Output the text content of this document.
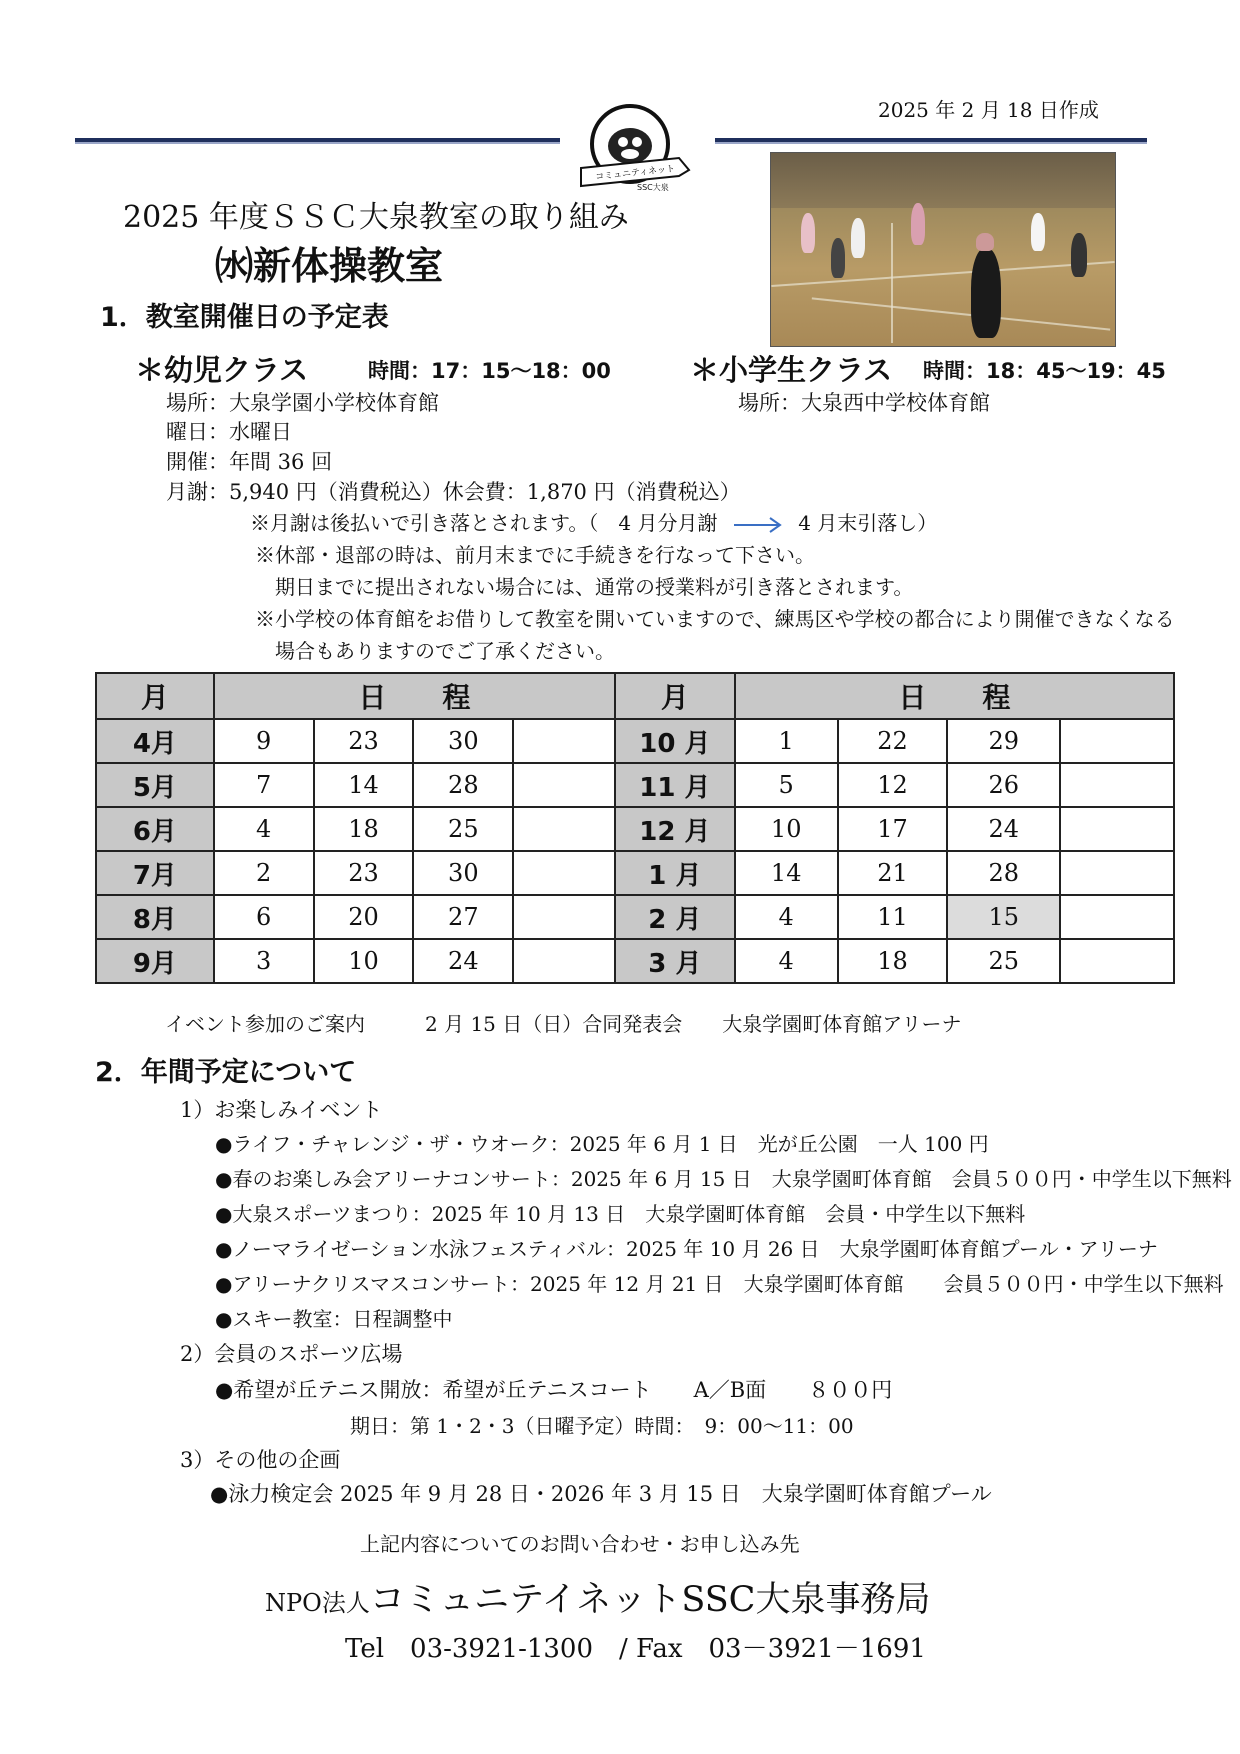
2025 年 2 月 18 日作成
コミュニティネット
SSC大泉
2025 年度ＳＳＣ大泉教室の取り組み
㈬新体操教室
1．教室開催日の予定表
＊幼児クラス	時間：17：15～18：00	＊小学生クラス 時間：18：45～19：45
場所：大泉学園小学校体育館	場所：大泉西中学校体育館
曜日：水曜日
開催：年間 36 回
月謝：5,940 円（消費税込）休会費：1,870 円（消費税込）
※月謝は後払いで引き落とされます。（　4 月分月謝	4 月末引落し）
※休部・退部の時は、前月末までに手続きを行なって下さい。
期日までに提出されない場合には、通常の授業料が引き落とされます。
※小学校の体育館をお借りして教室を開いていますので、練馬区や学校の都合により開催できなくなる
場合もありますのでご了承ください。
月	日　　程				月	日　　程			
4月	9	23	30		10 月	1	22	29	
5月	7	14	28		11 月	5	12	26	
6月	4	18	25		12 月	10	17	24	
7月	2	23	30		1 月	14	21	28	
8月	6	20	27		2 月	4	11	15	
9月	3	10	24		3 月	4	18	25	
イベント参加のご案内　　　2 月 15 日（日）合同発表会　　大泉学園町体育館アリーナ
2．年間予定について
1）お楽しみイベント
●ライフ・チャレンジ・ザ・ウオーク：2025 年 6 月 1 日　光が丘公園　一人 100 円
●春のお楽しみ会アリーナコンサート：2025 年 6 月 15 日　大泉学園町体育館　会員５００円・中学生以下無料
●大泉スポーツまつり：2025 年 10 月 13 日　大泉学園町体育館　会員・中学生以下無料
●ノーマライゼーション水泳フェスティバル：2025 年 10 月 26 日　大泉学園町体育館プール・アリーナ
●アリーナクリスマスコンサート：2025 年 12 月 21 日　大泉学園町体育館　　会員５００円・中学生以下無料
●スキー教室：日程調整中
2）会員のスポーツ広場
●希望が丘テニス開放：希望が丘テニスコート　　A／B面　　８００円
期日：第 1・2・3（日曜予定）時間：　9：00～11：00
3）その他の企画
●泳力検定会 2025 年 9 月 28 日・2026 年 3 月 15 日　大泉学園町体育館プール
上記内容についてのお問い合わせ・お申し込み先
NPO法人コミュニテイネットSSC大泉事務局
Tel　03-3921-1300　/ Fax　03－3921－1691
